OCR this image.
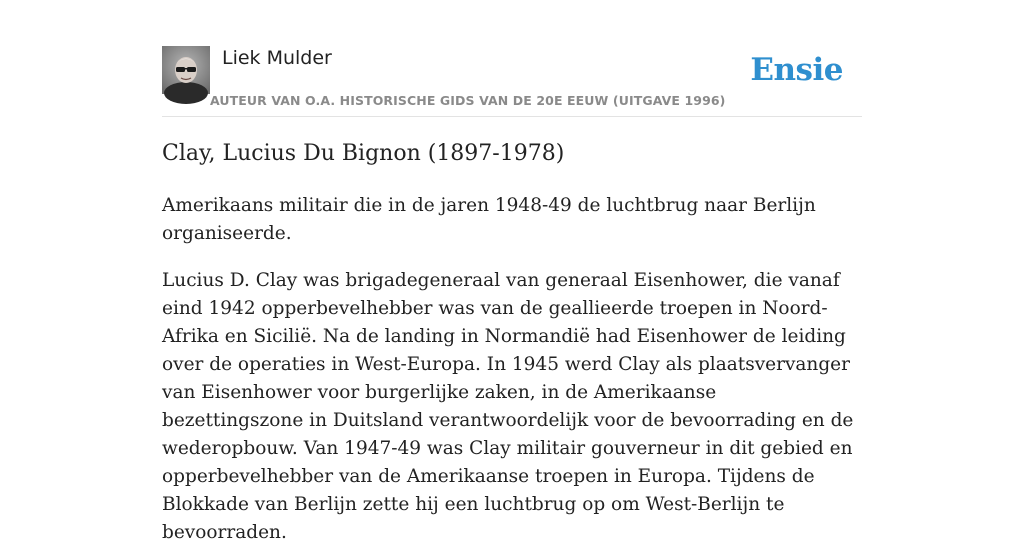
Liek Mulder
AUTEUR VAN O.A. HISTORISCHE GIDS VAN DE 20E EEUW (UITGAVE 1996)
Ensie
Clay, Lucius Du Bignon (1897-1978)

Amerikaans militair die in de jaren 1948-49 de luchtbrug naar Berlijn organiseerde.

Lucius D. Clay was brigadegeneraal van generaal Eisenhower, die vanaf eind 1942 opperbevelhebber was van de geallieerde troepen in Noord-Afrika en Sicilië. Na de landing in Normandië had Eisenhower de leiding over de operaties in West-Europa. In 1945 werd Clay als plaatsvervanger van Eisenhower voor burgerlijke zaken, in de Amerikaanse bezettingszone in Duitsland verantwoordelijk voor de bevoorrading en de wederopbouw. Van 1947-49 was Clay militair gouverneur in dit gebied en opperbevelhebber van de Amerikaanse troepen in Europa. Tijdens de Blokkade van Berlijn zette hij een luchtbrug op om West-Berlijn te bevoorraden.
